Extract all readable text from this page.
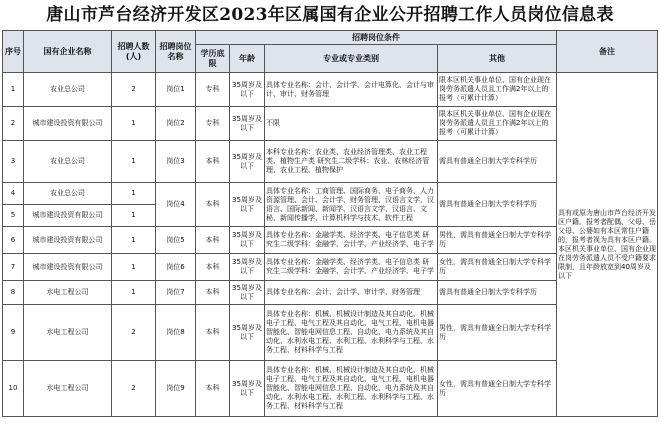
唐山市芦台经济开发区2023年区属国有企业公开招聘工作人员岗位信息表
序号	国有企业名称	招聘人数(人)	招聘岗位名称	招聘岗位条件				备注
				学历底限	年龄	专业或专业类别	其他	
1	农业总公司	2	岗位1	专科	35周岁及以下	具体专业名称：会计、会计学、会计电算化、会计与审计、审计、财务管理	限本区机关事业单位、国有企业现在岗劳务派遣人员且工作满2年以上的报考（可累计计算）	具有或原为唐山市芦台经济开发区户籍。报考者配偶、父母、岳父母、公婆如有本区常住户籍的，报考者视为具有本区户籍。本区机关事业单位、国有企业现在岗劳务派遣人员不受户籍要求限制，且年龄放宽到40周岁及以下
2	城市建设投资有限公司	1	岗位2	专科	35周岁及以下	不限	限本区机关事业单位、国有企业现在岗劳务派遣人员且工作满2年以上的报考（可累计计算）	
3	农业总公司	1	岗位3	本科	35周岁及以下	本科专业名称：农业类、农业经济管理类、农业工程类、植物生产类 研究生二级学科：农业、农林经济管理、农业工程、植物保护	需具有普通全日制大学专科学历	
4	农业总公司	1	岗位4	本科	35周岁及以下	具体专业名称：工商管理、国际商务、电子商务、人力资源管理、会计、会计学、财务管理、汉语言文学、汉语言、国际新闻、新闻学、汉语言文学、汉语言、文秘、新闻传播学、计算机科学与技术、软件工程	需具有普通全日制大学专科学历	
5	城市建设投资有限公司	1						
6	城市建设投资有限公司	1	岗位5	本科	35周岁及以下	具体专业名称：金融学类、经济学类、电子信息类 研究生二级学科：金融学、会计学、产业经济学、电子学	男性，需具有普通全日制大学专科学历	
7	城市建设投资有限公司	1	岗位6	本科	35周岁及以下	具体专业名称：金融学类、经济学类、电子信息类 研究生二级学科：金融学、会计学、产业经济学、电子学	女性，需具有普通全日制大学专科学历	
8	水电工程公司	1	岗位7	本科	35周岁及以下	具体专业名称：会计、会计学、审计学、财务管理	需具有普通全日制大学专科学历	
9	水电工程公司	2	岗位8	本科	35周岁及以下	具体专业名称：机械、机械设计制造及其自动化、机械电子工程、电气工程及其自动化、电气工程、电机电器智能化、智能电网信息工程、自动化、电力系统及其自动化、水利水电工程、水利工程、水利科学与工程、水务工程、材料科学与工程	男性，需具有普通全日制大学专科学历	
10	水电工程公司	2	岗位9	本科	35周岁及以下	具体专业名称：机械、机械设计制造及其自动化、机械电子工程、电气工程及其自动化、电气工程、电机电器智能化、智能电网信息工程、自动化、电力系统及其自动化、水利水电工程、水利工程、水利科学与工程、水务工程、材料科学与工程	女性，需具有普通全日制大学专科学历	
